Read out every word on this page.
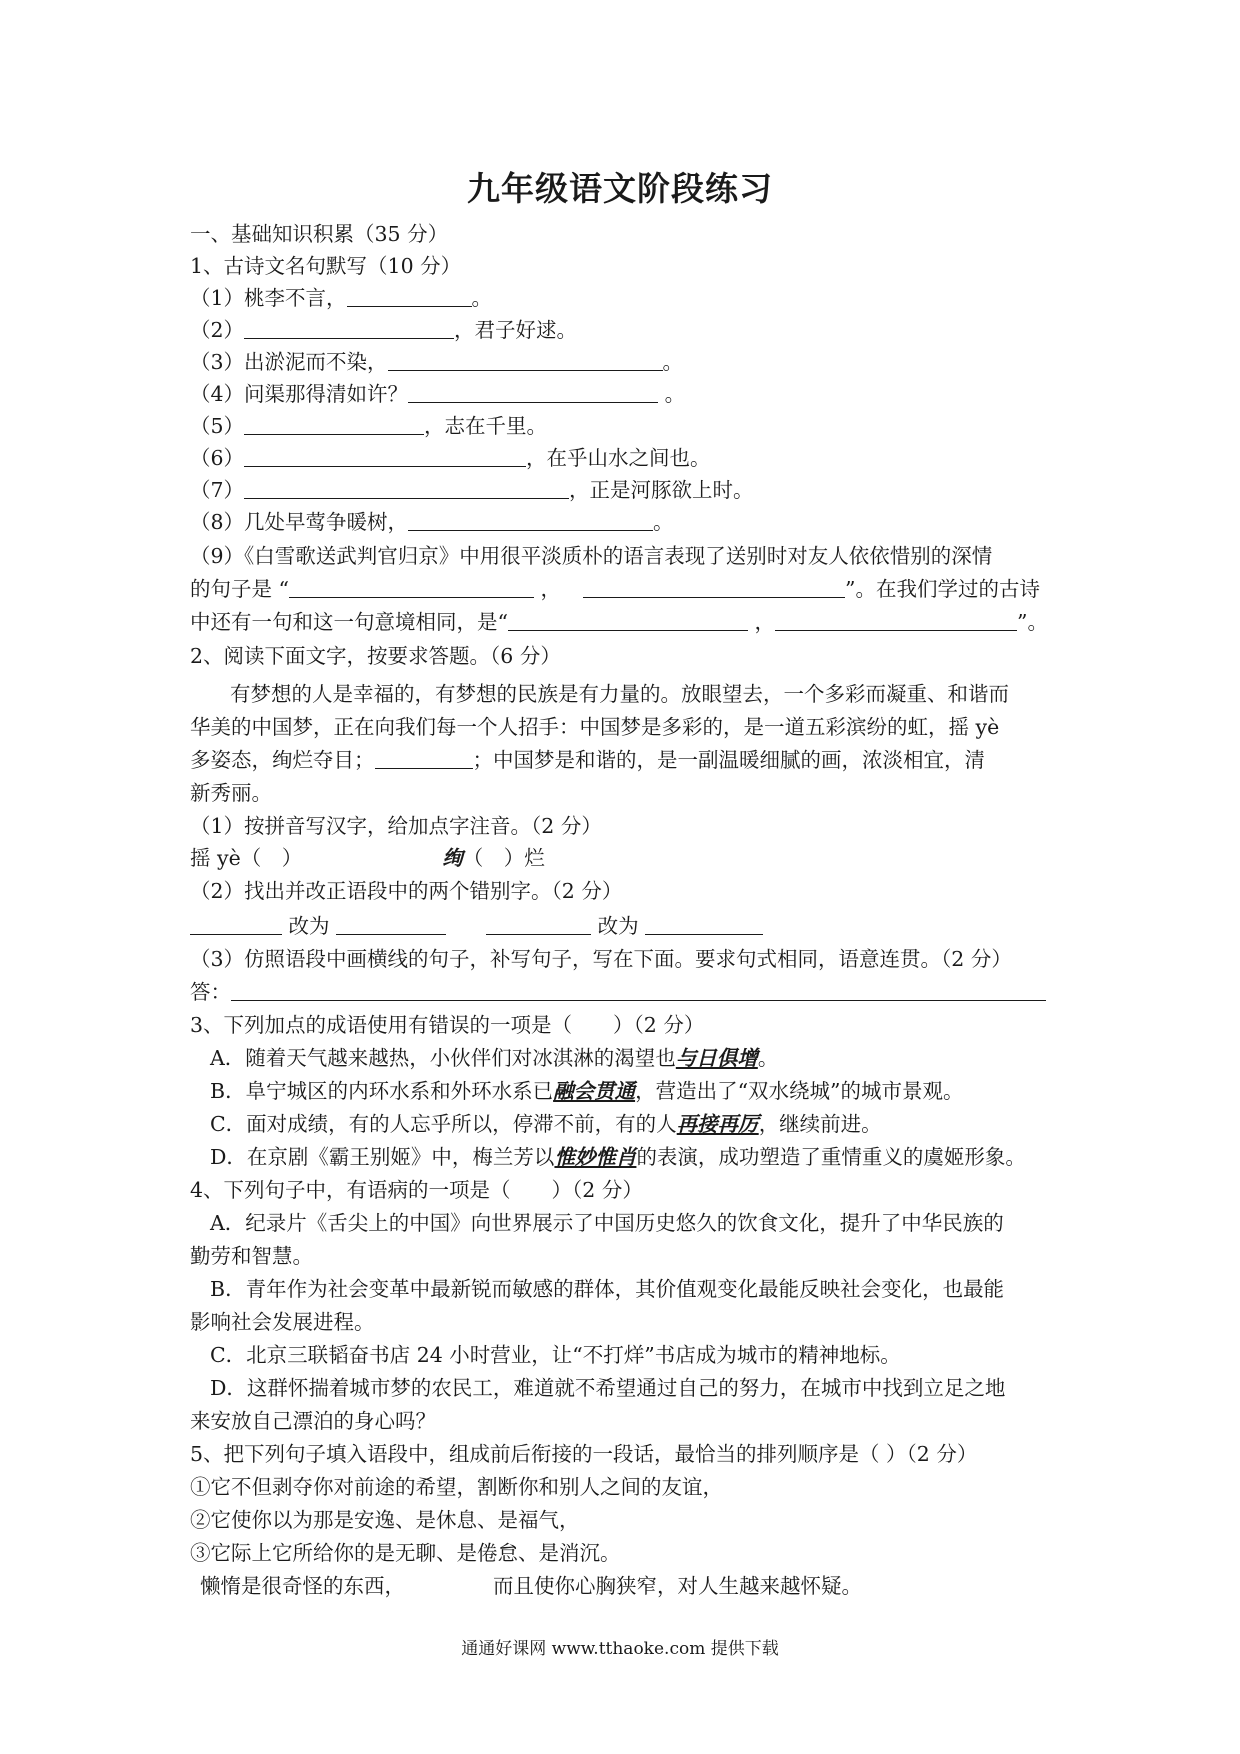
九年级语文阶段练习
一、基础知识积累（35 分）
1、古诗文名句默写（10 分）
（1）桃李不言，	。
（2）	，君子好逑。
（3）出淤泥而不染，	。
（4）问渠那得清如许？	。
（5）	，志在千里。
（6）	，在乎山水之间也。
（7）	，正是河豚欲上时。
（8）几处早莺争暖树，	。
（9）《白雪歌送武判官归京》中用很平淡质朴的语言表现了送别时对友人依依惜别的深情
的句子是 “	，	”。在我们学过的古诗
中还有一句和这一句意境相同，是“	，	”。
2、阅读下面文字，按要求答题。（6 分）
有梦想的人是幸福的，有梦想的民族是有力量的。放眼望去，一个多彩而凝重、和谐而
华美的中国梦，正在向我们每一个人招手：中国梦是多彩的，是一道五彩滨纷的虹，摇 yè
多姿态，绚烂夺目；	；中国梦是和谐的，是一副温暖细腻的画，浓淡相宜，清
新秀丽。
（1）按拼音写汉字，给加点字注音。（2 分）
摇 yè（　）	绚（　）烂
（2）找出并改正语段中的两个错别字。（2 分）
改为	改为
（3）仿照语段中画横线的句子，补写句子，写在下面。要求句式相同，语意连贯。（2 分）
答：
3、下列加点的成语使用有错误的一项是（　　）（2 分）
A．随着天气越来越热，小伙伴们对冰淇淋的渴望也与日俱增。
B．阜宁城区的内环水系和外环水系已融会贯通，营造出了“双水绕城”的城市景观。
C．面对成绩，有的人忘乎所以，停滞不前，有的人再接再厉，继续前进。
D．在京剧《霸王别姬》中，梅兰芳以惟妙惟肖的表演，成功塑造了重情重义的虞姬形象。
4、下列句子中，有语病的一项是（　　）（2 分）
A．纪录片《舌尖上的中国》向世界展示了中国历史悠久的饮食文化，提升了中华民族的
勤劳和智慧。
B．青年作为社会变革中最新锐而敏感的群体，其价值观变化最能反映社会变化，也最能
影响社会发展进程。
C．北京三联韬奋书店 24 小时营业，让“不打烊”书店成为城市的精神地标。
D．这群怀揣着城市梦的农民工，难道就不希望通过自己的努力，在城市中找到立足之地
来安放自己漂泊的身心吗？
5、把下列句子填入语段中，组成前后衔接的一段话，最恰当的排列顺序是（ ）（2 分）
①它不但剥夺你对前途的希望，割断你和别人之间的友谊，
②它使你以为那是安逸、是休息、是福气，
③它际上它所给你的是无聊、是倦怠、是消沉。
懒惰是很奇怪的东西，	而且使你心胸狭窄，对人生越来越怀疑。
通通好课网 www.tthaoke.com 提供下载
